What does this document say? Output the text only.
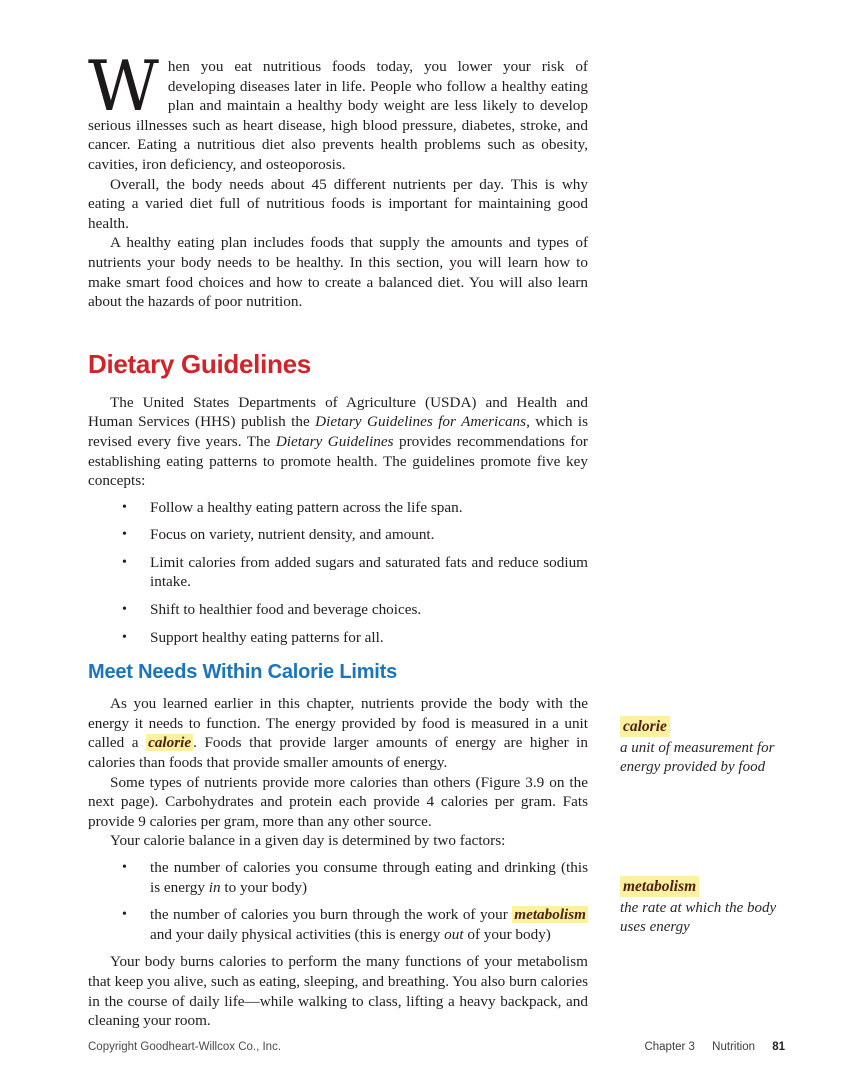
When you eat nutritious foods today, you lower your risk of developing diseases later in life. People who follow a healthy eating plan and maintain a healthy body weight are less likely to develop serious illnesses such as heart disease, high blood pressure, diabetes, stroke, and cancer. Eating a nutritious diet also prevents health problems such as obesity, cavities, iron deficiency, and osteoporosis.

Overall, the body needs about 45 different nutrients per day. This is why eating a varied diet full of nutritious foods is important for maintaining good health.

A healthy eating plan includes foods that supply the amounts and types of nutrients your body needs to be healthy. In this section, you will learn how to make smart food choices and how to create a balanced diet. You will also learn about the hazards of poor nutrition.

Dietary Guidelines

The United States Departments of Agriculture (USDA) and Health and Human Services (HHS) publish the Dietary Guidelines for Americans, which is revised every five years. The Dietary Guidelines provides recommendations for establishing eating patterns to promote health. The guidelines promote five key concepts:

• Follow a healthy eating pattern across the life span.
• Focus on variety, nutrient density, and amount.
• Limit calories from added sugars and saturated fats and reduce sodium intake.
• Shift to healthier food and beverage choices.
• Support healthy eating patterns for all.
Meet Needs Within Calorie Limits

As you learned earlier in this chapter, nutrients provide the body with the energy it needs to function. The energy provided by food is measured in a unit called a calorie . Foods that provide larger amounts of energy are higher in calories than foods that provide smaller amounts of energy.

Some types of nutrients provide more calories than others (Figure 3.9 on the next page). Carbohydrates and protein each provide 4 calories per gram. Fats provide 9 calories per gram, more than any other source.

Your calorie balance in a given day is determined by two factors:

• the number of calories you consume through eating and drinking (this is energy in to your body)
• the number of calories you burn through the work of your metabolism and your daily physical activities (this is energy out of your body)

Your body burns calories to perform the many functions of your metabolism that keep you alive, such as eating, sleeping, and breathing. You also burn calories in the course of daily life—while walking to class, lifting a heavy backpack, and cleaning your room.

calorie
a unit of measurement for energy provided by food
metabolism
the rate at which the body uses energy
Copyright Goodheart-Willcox Co., Inc.	Chapter 3 Nutrition 81
